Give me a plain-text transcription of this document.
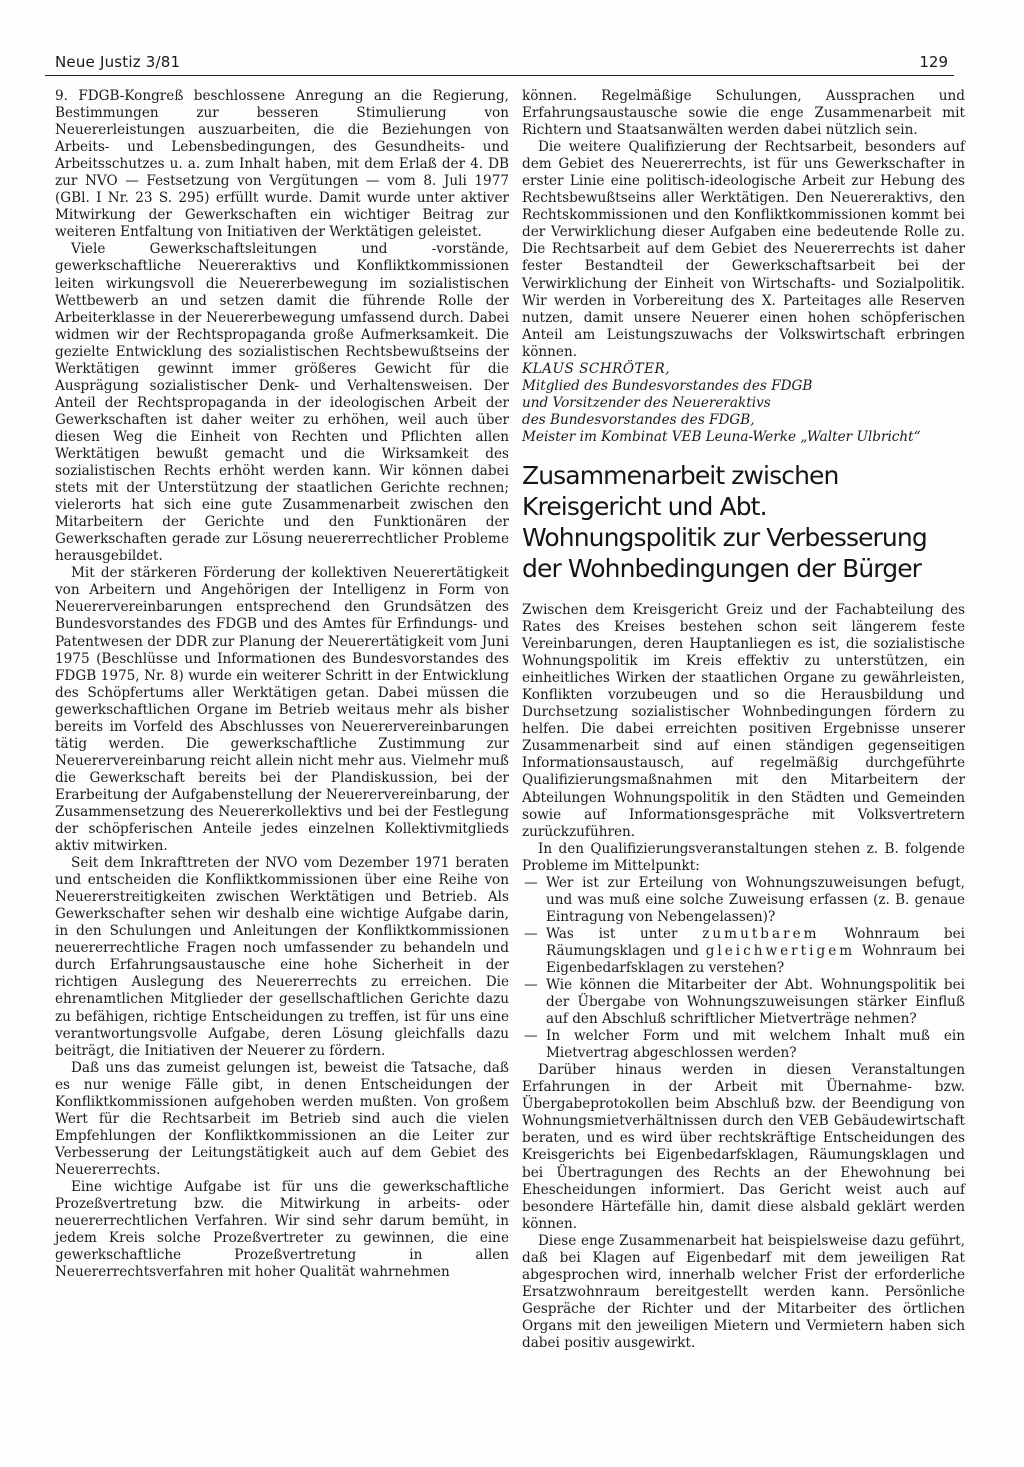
Neue Justiz 3/81	129

9. FDGB-Kongreß beschlossene Anregung an die Regierung, Bestimmungen zur besseren Stimulierung von Neuererleistungen auszuarbeiten, die die Beziehungen von Arbeits- und Lebensbedingungen, des Gesundheits- und Arbeitsschutzes u. a. zum Inhalt haben, mit dem Erlaß der 4. DB zur NVO — Festsetzung von Vergütungen — vom 8. Juli 1977 (GBl. I Nr. 23 S. 295) erfüllt wurde. Damit wurde unter aktiver Mitwirkung der Gewerkschaften ein wichtiger Beitrag zur weiteren Entfaltung von Initiativen der Werktätigen geleistet.

Viele Gewerkschaftsleitungen und -vorstände, gewerkschaftliche Neuereraktivs und Konfliktkommissionen leiten wirkungsvoll die Neuererbewegung im sozialistischen Wettbewerb an und setzen damit die führende Rolle der Arbeiterklasse in der Neuererbewegung umfassend durch. Dabei widmen wir der Rechtspropaganda große Aufmerksamkeit. Die gezielte Entwicklung des sozialistischen Rechtsbewußtseins der Werktätigen gewinnt immer größeres Gewicht für die Ausprägung sozialistischer Denk- und Verhaltensweisen. Der Anteil der Rechtspropaganda in der ideologischen Arbeit der Gewerkschaften ist daher weiter zu erhöhen, weil auch über diesen Weg die Einheit von Rechten und Pflichten allen Werktätigen bewußt gemacht und die Wirksamkeit des sozialistischen Rechts erhöht werden kann. Wir können dabei stets mit der Unterstützung der staatlichen Gerichte rechnen; vielerorts hat sich eine gute Zusammenarbeit zwischen den Mitarbeitern der Gerichte und den Funktionären der Gewerkschaften gerade zur Lösung neuererrechtlicher Probleme herausgebildet.

Mit der stärkeren Förderung der kollektiven Neuerertätigkeit von Arbeitern und Angehörigen der Intelligenz in Form von Neuerervereinbarungen entsprechend den Grundsätzen des Bundesvorstandes des FDGB und des Amtes für Erfindungs- und Patentwesen der DDR zur Planung der Neuerertätigkeit vom Juni 1975 (Beschlüsse und Informationen des Bundesvorstandes des FDGB 1975, Nr. 8) wurde ein weiterer Schritt in der Entwicklung des Schöpfertums aller Werktätigen getan. Dabei müssen die gewerkschaftlichen Organe im Betrieb weitaus mehr als bisher bereits im Vorfeld des Abschlusses von Neuerervereinbarungen tätig werden. Die gewerkschaftliche Zustimmung zur Neuerervereinbarung reicht allein nicht mehr aus. Vielmehr muß die Gewerkschaft bereits bei der Plandiskussion, bei der Erarbeitung der Aufgabenstellung der Neuerervereinbarung, der Zusammensetzung des Neuererkollektivs und bei der Festlegung der schöpferischen Anteile jedes einzelnen Kollektivmitglieds aktiv mitwirken.

Seit dem Inkrafttreten der NVO vom Dezember 1971 beraten und entscheiden die Konfliktkommissionen über eine Reihe von Neuererstreitigkeiten zwischen Werktätigen und Betrieb. Als Gewerkschafter sehen wir deshalb eine wichtige Aufgabe darin, in den Schulungen und Anleitungen der Konfliktkommissionen neuererrechtliche Fragen noch umfassender zu behandeln und durch Erfahrungsaustausche eine hohe Sicherheit in der richtigen Auslegung des Neuererrechts zu erreichen. Die ehrenamtlichen Mitglieder der gesellschaftlichen Gerichte dazu zu befähigen, richtige Entscheidungen zu treffen, ist für uns eine verantwortungsvolle Aufgabe, deren Lösung gleichfalls dazu beiträgt, die Initiativen der Neuerer zu fördern.

Daß uns das zumeist gelungen ist, beweist die Tatsache, daß es nur wenige Fälle gibt, in denen Entscheidungen der Konfliktkommissionen aufgehoben werden mußten. Von großem Wert für die Rechtsarbeit im Betrieb sind auch die vielen Empfehlungen der Konfliktkommissionen an die Leiter zur Verbesserung der Leitungstätigkeit auch auf dem Gebiet des Neuererrechts.

Eine wichtige Aufgabe ist für uns die gewerkschaftliche Prozeßvertretung bzw. die Mitwirkung in arbeits- oder neuererrechtlichen Verfahren. Wir sind sehr darum bemüht, in jedem Kreis solche Prozeßvertreter zu gewinnen, die eine gewerkschaftliche Prozeßvertretung in allen Neuererrechtsverfahren mit hoher Qualität wahrnehmen

können. Regelmäßige Schulungen, Aussprachen und Erfahrungsaustausche sowie die enge Zusammenarbeit mit Richtern und Staatsanwälten werden dabei nützlich sein.

Die weitere Qualifizierung der Rechtsarbeit, besonders auf dem Gebiet des Neuererrechts, ist für uns Gewerkschafter in erster Linie eine politisch-ideologische Arbeit zur Hebung des Rechtsbewußtseins aller Werktätigen. Den Neuereraktivs, den Rechtskommissionen und den Konfliktkommissionen kommt bei der Verwirklichung dieser Aufgaben eine bedeutende Rolle zu. Die Rechtsarbeit auf dem Gebiet des Neuererrechts ist daher fester Bestandteil der Gewerkschaftsarbeit bei der Verwirklichung der Einheit von Wirtschafts- und Sozialpolitik. Wir werden in Vorbereitung des X. Parteitages alle Reserven nutzen, damit unsere Neuerer einen hohen schöpferischen Anteil am Leistungszuwachs der Volkswirtschaft erbringen können.

KLAUS SCHRÖTER,

Mitglied des Bundesvorstandes des FDGB

und Vorsitzender des Neuereraktivs

des Bundesvorstandes des FDGB,

Meister im Kombinat VEB Leuna-Werke „Walter Ulbricht“

Zusammenarbeit zwischen Kreisgericht und Abt. Wohnungspolitik zur Verbesserung der Wohnbedingungen der Bürger

Zwischen dem Kreisgericht Greiz und der Fachabteilung des Rates des Kreises bestehen schon seit längerem feste Vereinbarungen, deren Hauptanliegen es ist, die sozialistische Wohnungspolitik im Kreis effektiv zu unterstützen, ein einheitliches Wirken der staatlichen Organe zu gewährleisten, Konflikten vorzubeugen und so die Herausbildung und Durchsetzung sozialistischer Wohnbedingungen fördern zu helfen. Die dabei erreichten positiven Ergebnisse unserer Zusammenarbeit sind auf einen ständigen gegenseitigen Informationsaustausch, auf regelmäßig durchgeführte Qualifizierungsmaßnahmen mit den Mitarbeitern der Abteilungen Wohnungspolitik in den Städten und Gemeinden sowie auf Informationsgespräche mit Volksvertretern zurückzuführen.

In den Qualifizierungsveranstaltungen stehen z. B. folgende Probleme im Mittelpunkt:

— Wer ist zur Erteilung von Wohnungszuweisungen befugt, und was muß eine solche Zuweisung erfassen (z. B. genaue Eintragung von Nebengelassen)?

— Was ist unter zumutbarem Wohnraum bei Räumungsklagen und gleichwertigem Wohnraum bei Eigenbedarfsklagen zu verstehen?

— Wie können die Mitarbeiter der Abt. Wohnungspolitik bei der Übergabe von Wohnungszuweisungen stärker Einfluß auf den Abschluß schriftlicher Mietverträge nehmen?

— In welcher Form und mit welchem Inhalt muß ein Mietvertrag abgeschlossen werden?

Darüber hinaus werden in diesen Veranstaltungen Erfahrungen in der Arbeit mit Übernahme- bzw. Übergabeprotokollen beim Abschluß bzw. der Beendigung von Wohnungsmietverhältnissen durch den VEB Gebäudewirtschaft beraten, und es wird über rechtskräftige Entscheidungen des Kreisgerichts bei Eigenbedarfsklagen, Räumungsklagen und bei Übertragungen des Rechts an der Ehewohnung bei Ehescheidungen informiert. Das Gericht weist auch auf besondere Härtefälle hin, damit diese alsbald geklärt werden können.

Diese enge Zusammenarbeit hat beispielsweise dazu geführt, daß bei Klagen auf Eigenbedarf mit dem jeweiligen Rat abgesprochen wird, innerhalb welcher Frist der erforderliche Ersatzwohnraum bereitgestellt werden kann. Persönliche Gespräche der Richter und der Mitarbeiter des örtlichen Organs mit den jeweiligen Mietern und Vermietern haben sich dabei positiv ausgewirkt.
